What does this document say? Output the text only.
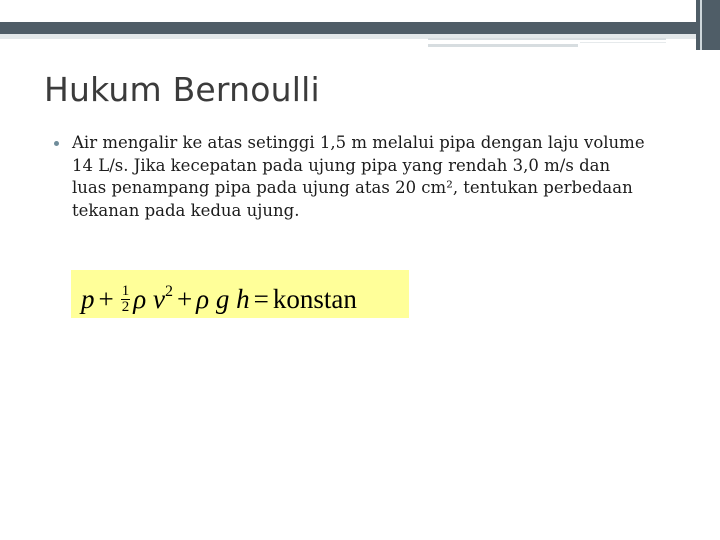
Hukum Bernoulli
Air mengalir ke atas setinggi 1,5 m melalui pipa dengan laju volume
14 L/s. Jika kecepatan pada ujung pipa yang rendah 3,0 m/s dan
luas penampang pipa pada ujung atas 20 cm², tentukan perbedaan
tekanan pada kedua ujung.
$p + \frac{1}{2}$ ρ $v^2 + \rho$ g h = konstan
